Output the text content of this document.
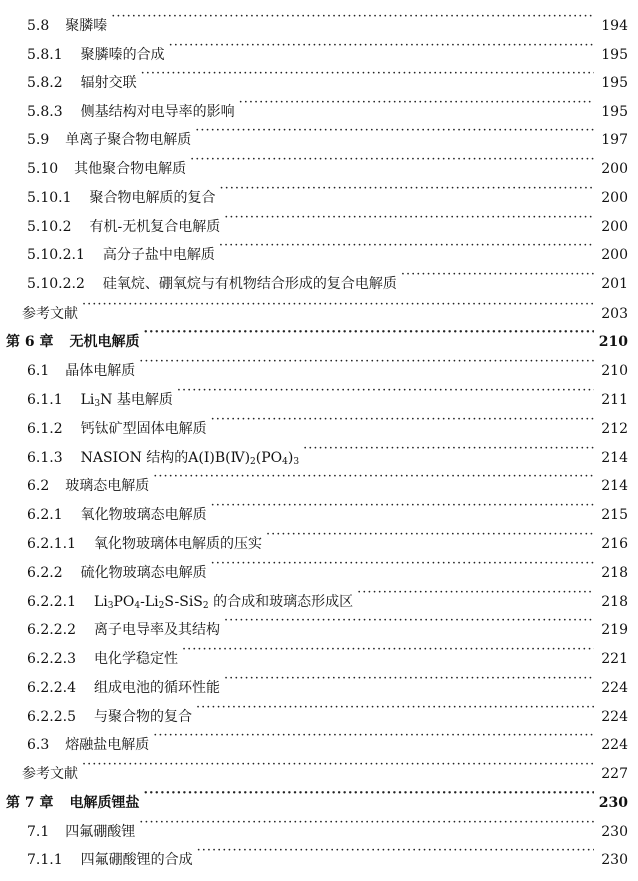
5.8 聚膦嗪 ·····	194
5.8.1 聚膦嗪的合成 ·····	195
5.8.2 辐射交联 ·····	195
5.8.3 侧基结构对电导率的影响 ·····	195
5.9 单离子聚合物电解质 ·····	197
5.10 其他聚合物电解质 ·····	200
5.10.1 聚合物电解质的复合 ·····	200
5.10.2 有机-无机复合电解质 ·····	200
5.10.2.1 高分子盐中电解质 ·····	200
5.10.2.2 硅氧烷、硼氧烷与有机物结合形成的复合电解质 ·····	201
参考文献 ·····	203
第 6 章 无机电解质 ·····	210
6.1 晶体电解质 ·····	210
6.1.1 $Li_3N$ 基电解质 ·····	211
6.1.2 钙钛矿型固体电解质 ·····	212
6.1.3 NASION 结构的$A(Ⅰ)B(Ⅳ)_2(PO_4)_3$ ·····	214
6.2 玻璃态电解质 ·····	214
6.2.1 氧化物玻璃态电解质 ·····	215
6.2.1.1 氧化物玻璃体电解质的压实 ·····	216
6.2.2 硫化物玻璃态电解质 ·····	218
6.2.2.1 $Li_3PO_4-Li_2S-SiS_2$ 的合成和玻璃态形成区 ·····	218
6.2.2.2 离子电导率及其结构 ·····	219
6.2.2.3 电化学稳定性 ·····	221
6.2.2.4 组成电池的循环性能 ·····	224
6.2.2.5 与聚合物的复合 ·····	224
6.3 熔融盐电解质 ·····	224
参考文献 ·····	227
第 7 章 电解质锂盐 ·····	230
7.1 四氟硼酸锂 ·····	230
7.1.1 四氟硼酸锂的合成 ·····	230
